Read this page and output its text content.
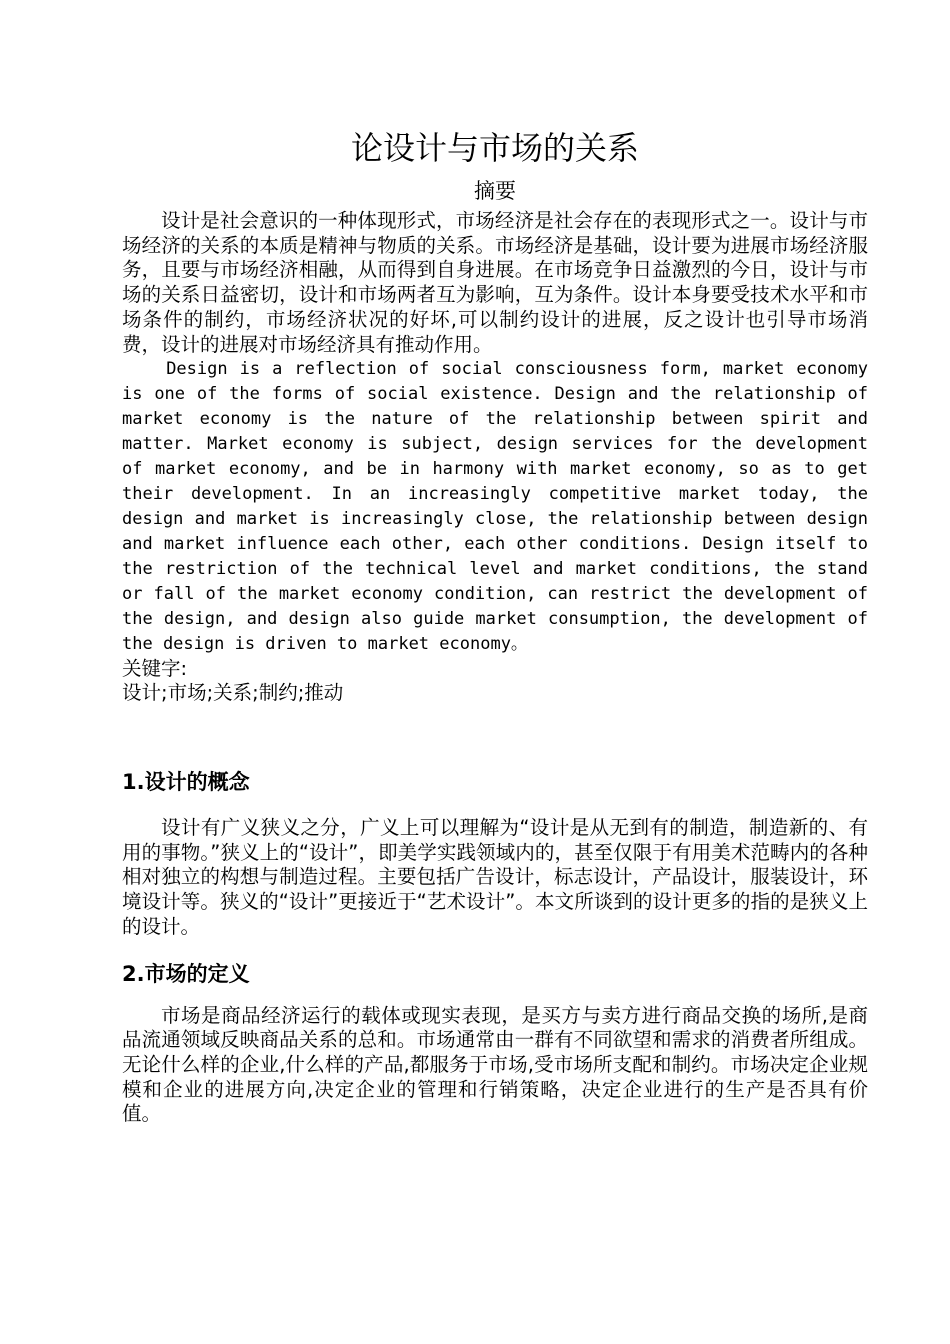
论设计与市场的关系
摘要

设计是社会意识的一种体现形式，市场经济是社会存在的表现形式之一。设计与市场经济的关系的本质是精神与物质的关系。市场经济是基础，设计要为进展市场经济服务，且要与市场经济相融，从而得到自身进展。在市场竞争日益激烈的今日，设计与市场的关系日益密切，设计和市场两者互为影响，互为条件。设计本身要受技术水平和市场条件的制约，市场经济状况的好坏,可以制约设计的进展，反之设计也引导市场消费，设计的进展对市场经济具有推动作用。

Design is a reflection of social consciousness form, market economy is one of the forms of social existence. Design and the relationship of market economy is the nature of the relationship between spirit and matter. Market economy is subject, design services for the development of market economy, and be in harmony with market economy, so as to get their development. In an increasingly competitive market today, the design and market is increasingly close, the relationship between design and market influence each other, each other conditions. Design itself to the restriction of the technical level and market conditions, the stand or fall of the market economy condition, can restrict the development of the design, and design also guide market consumption, the development of the design is driven to market economy。

关键字:

设计;市场;关系;制约;推动

1.设计的概念

设计有广义狭义之分，广义上可以理解为“设计是从无到有的制造，制造新的、有用的事物。”狭义上的“设计”，即美学实践领域内的，甚至仅限于有用美术范畴内的各种相对独立的构想与制造过程。主要包括广告设计，标志设计，产品设计，服装设计，环境设计等。狭义的“设计”更接近于“艺术设计”。本文所谈到的设计更多的指的是狭义上的设计。

2.市场的定义

市场是商品经济运行的载体或现实表现，是买方与卖方进行商品交换的场所,是商品流通领域反映商品关系的总和。市场通常由一群有不同欲望和需求的消费者所组成。无论什么样的企业,什么样的产品,都服务于市场,受市场所支配和制约。市场决定企业规模和企业的进展方向,决定企业的管理和行销策略，决定企业进行的生产是否具有价值。
